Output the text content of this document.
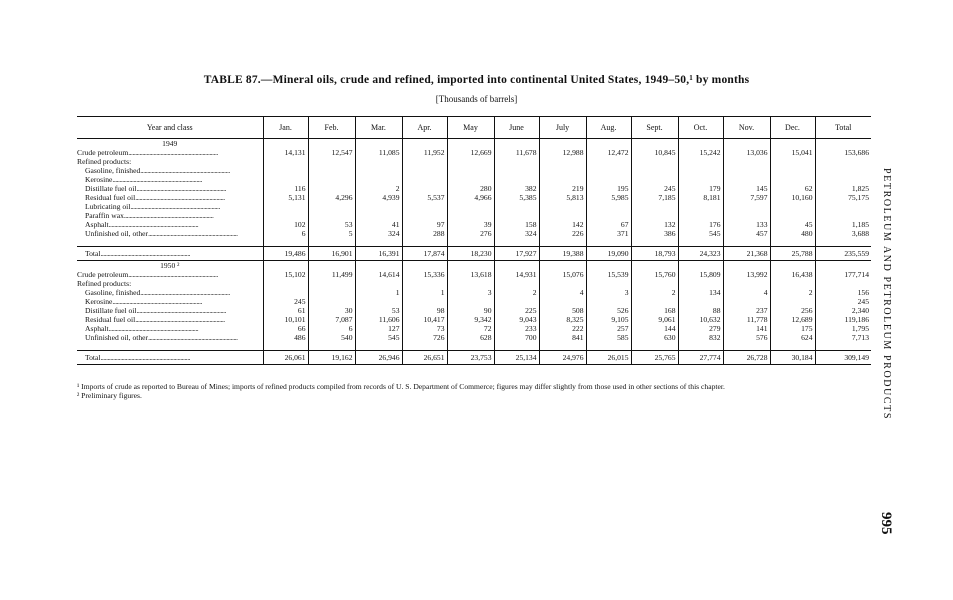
TABLE 87.—Mineral oils, crude and refined, imported into continental United States, 1949–50,¹ by months
[Thousands of barrels]
Year and class	Jan.	Feb.	Mar.	Apr.	May	June	July	Aug.	Sept.	Oct.	Nov.	Dec.	Total
1949													
Crude petroleum................................................................	14,131	12,547	11,085	11,952	12,669	11,678	12,988	12,472	10,845	15,242	13,036	15,041	153,686
Refined products:													
Gasoline, finished................................................................													
Kerosine................................................................													
Distillate fuel oil................................................................	116		2		280	382	219	195	245	179	145	62	1,825
Residual fuel oil................................................................	5,131	4,296	4,939	5,537	4,966	5,385	5,813	5,985	7,185	8,181	7,597	10,160	75,175
Lubricating oil................................................................													
Paraffin wax................................................................													
Asphalt................................................................	102	53	41	97	39	158	142	67	132	176	133	45	1,185
Unfinished oil, other................................................................	6	5	324	288	276	324	226	371	386	545	457	480	3,688

Total................................................................	19,486	16,901	16,391	17,874	18,230	17,927	19,388	19,090	18,793	24,323	21,368	25,788	235,559
1950 ²													
Crude petroleum................................................................	15,102	11,499	14,614	15,336	13,618	14,931	15,076	15,539	15,760	15,809	13,992	16,438	177,714
Refined products:													
Gasoline, finished................................................................			1	1	3	2	4	3	2	134	4	2	156
Kerosine................................................................	245												245
Distillate fuel oil................................................................	61	30	53	98	90	225	508	526	168	88	237	256	2,340
Residual fuel oil................................................................	10,101	7,087	11,606	10,417	9,342	9,043	8,325	9,105	9,061	10,632	11,778	12,689	119,186
Asphalt................................................................	66	6	127	73	72	233	222	257	144	279	141	175	1,795
Unfinished oil, other................................................................	486	540	545	726	628	700	841	585	630	832	576	624	7,713

Total................................................................	26,061	19,162	26,946	26,651	23,753	25,134	24,976	26,015	25,765	27,774	26,728	30,184	309,149
¹ Imports of crude as reported to Bureau of Mines; imports of refined products compiled from records of U. S. Department of Commerce; figures may differ slightly from those used in other sections of this chapter.
² Preliminary figures.	PETROLEUM AND PETROLEUM PRODUCTS
995
